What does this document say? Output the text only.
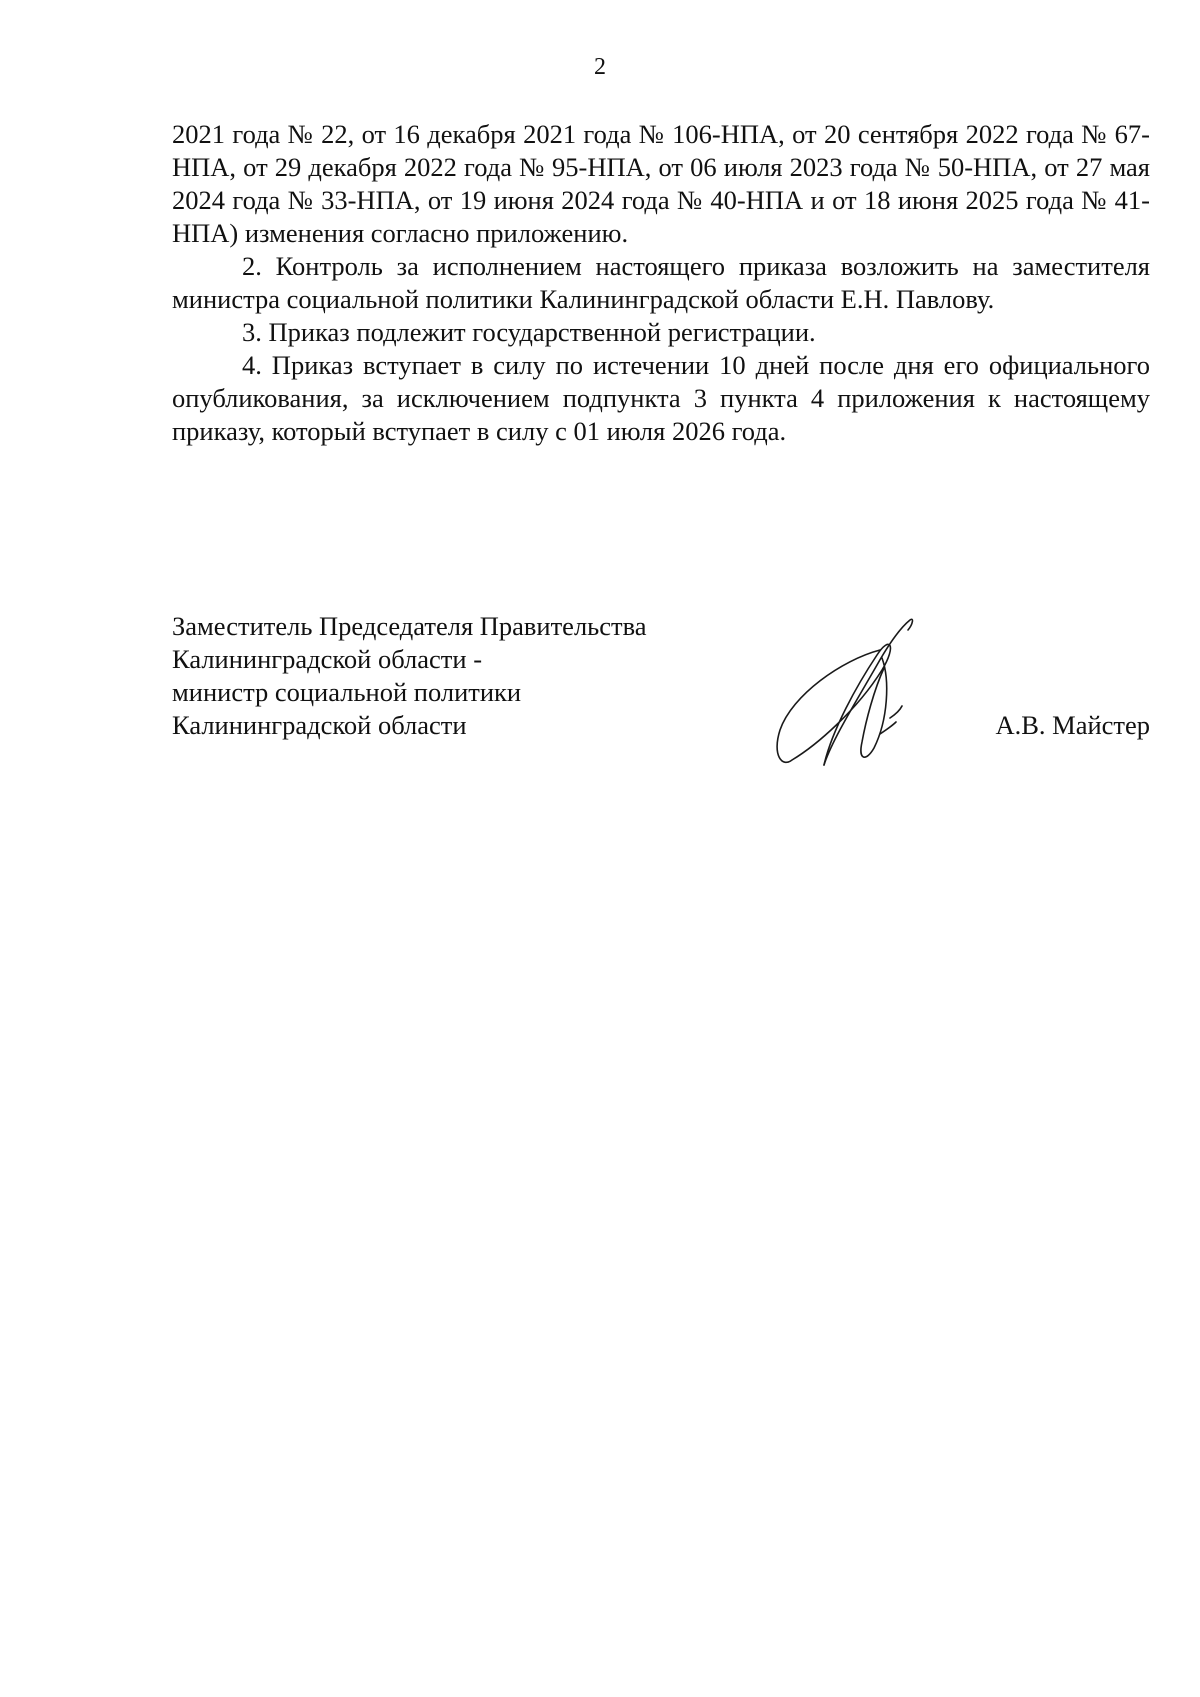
2

2021 года № 22, от 16 декабря 2021 года № 106-НПА, от 20 сентября 2022 года № 67-НПА, от 29 декабря 2022 года № 95-НПА, от 06 июля 2023 года № 50-НПА, от 27 мая 2024 года № 33-НПА, от 19 июня 2024 года № 40-НПА и от 18 июня 2025 года № 41-НПА) изменения согласно приложению.

2. Контроль за исполнением настоящего приказа возложить на заместителя министра социальной политики Калининградской области Е.Н. Павлову.

3. Приказ подлежит государственной регистрации.

4. Приказ вступает в силу по истечении 10 дней после дня его официального опубликования, за исключением подпункта 3 пункта 4 приложения к настоящему приказу, который вступает в силу с 01 июля 2026 года.

Заместитель Председателя Правительства
Калининградской области -
министр социальной политики
Калининградской области	А.В. Майстер
